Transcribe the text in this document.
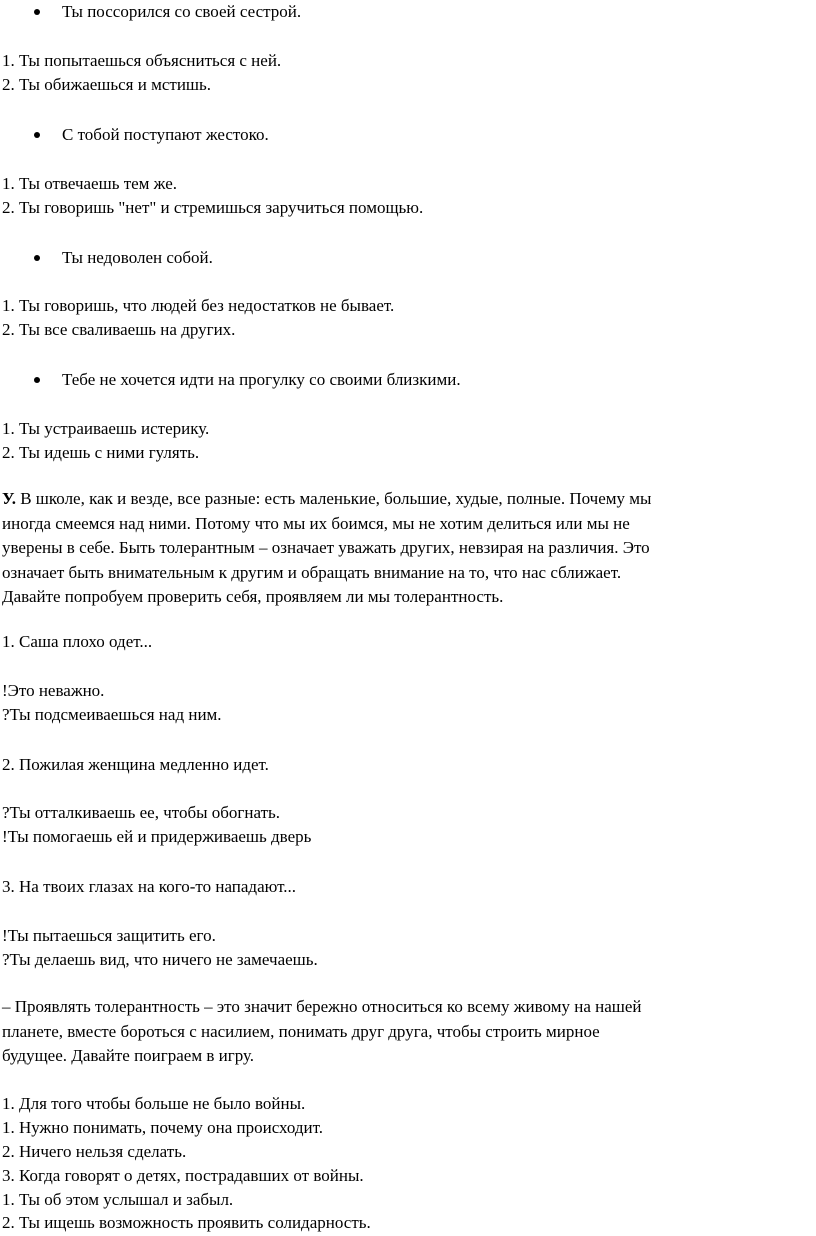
Ты поссорился со своей сестрой.
1. Ты попытаешься объясниться с ней.
2. Ты обижаешься и мстишь.
С тобой поступают жестоко.
1. Ты отвечаешь тем же.
2. Ты говоришь "нет" и стремишься заручиться помощью.
Ты недоволен собой.
1. Ты говоришь, что людей без недостатков не бывает.
2. Ты все сваливаешь на других.
Тебе не хочется идти на прогулку со своими близкими.
1. Ты устраиваешь истерику.
2. Ты идешь с ними гулять.
У. В школе, как и везде, все разные: есть маленькие, большие, худые, полные. Почему мы
иногда смеемся над ними. Потому что мы их боимся, мы не хотим делиться или мы не
уверены в себе. Быть толерантным – означает уважать других, невзирая на различия. Это
означает быть внимательным к другим и обращать внимание на то, что нас сближает.
Давайте попробуем проверить себя, проявляем ли мы толерантность.
1. Саша плохо одет...
!Это неважно.
?Ты подсмеиваешься над ним.
2. Пожилая женщина медленно идет.
?Ты отталкиваешь ее, чтобы обогнать.
!Ты помогаешь ей и придерживаешь дверь
3. На твоих глазах на кого-то нападают...
!Ты пытаешься защитить его.
?Ты делаешь вид, что ничего не замечаешь.
– Проявлять толерантность – это значит бережно относиться ко всему живому на нашей
планете, вместе бороться с насилием, понимать друг друга, чтобы строить мирное
будущее. Давайте поиграем в игру.
1. Для того чтобы больше не было войны.
1. Нужно понимать, почему она происходит.
2. Ничего нельзя сделать.
3. Когда говорят о детях, пострадавших от войны.
1. Ты об этом услышал и забыл.
2. Ты ищешь возможность проявить солидарность.
